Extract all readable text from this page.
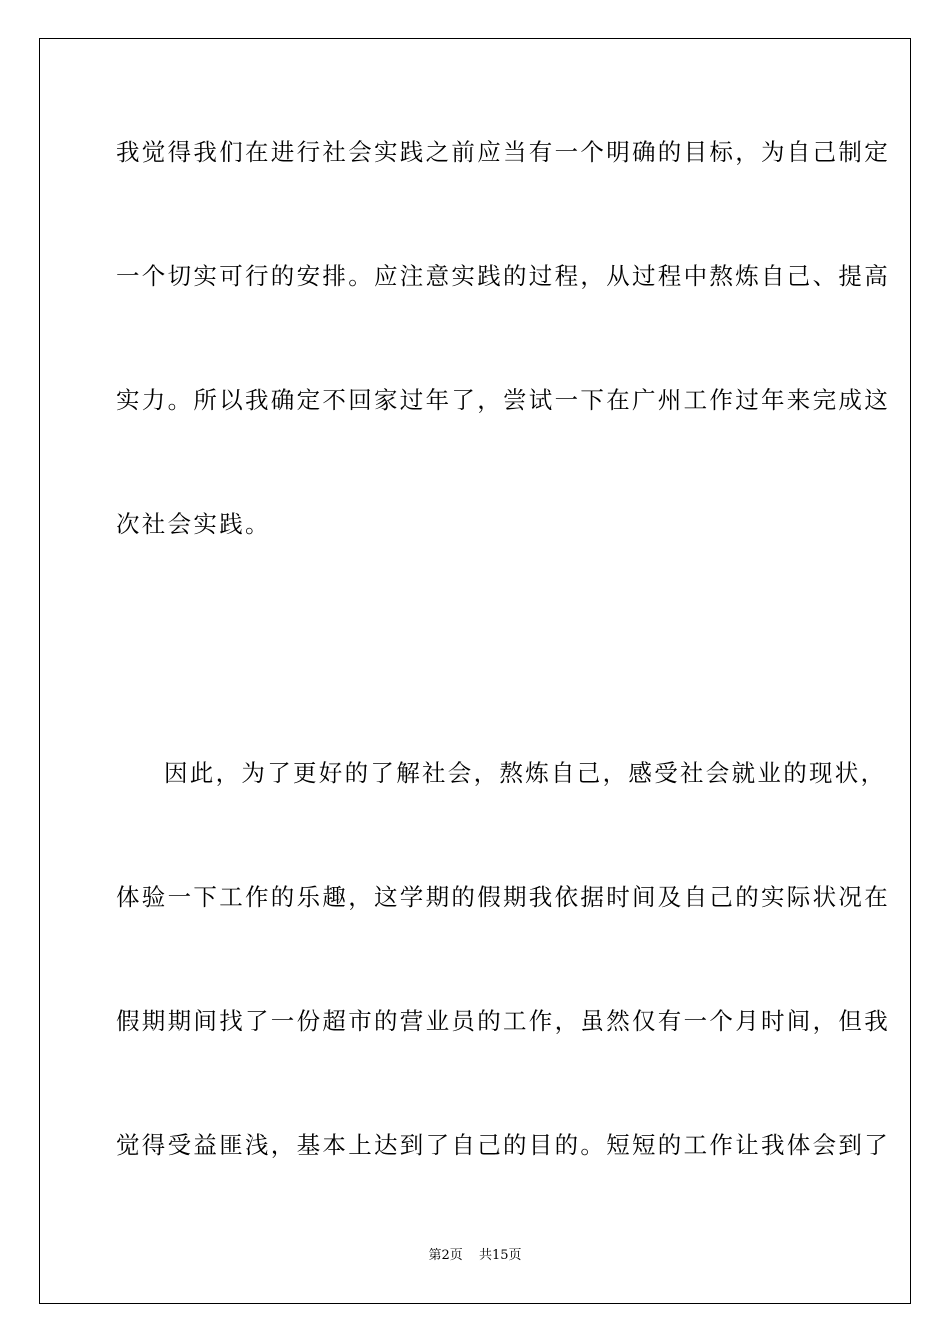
我觉得我们在进行社会实践之前应当有一个明确的目标，为自己制定
一个切实可行的安排。应注意实践的过程，从过程中熬炼自己、提高
实力。所以我确定不回家过年了，尝试一下在广州工作过年来完成这
次社会实践。
因此，为了更好的了解社会，熬炼自己，感受社会就业的现状，
体验一下工作的乐趣，这学期的假期我依据时间及自己的实际状况在
假期期间找了一份超市的营业员的工作，虽然仅有一个月时间，但我
觉得受益匪浅，基本上达到了自己的目的。短短的工作让我体会到了
第2页 共15页
